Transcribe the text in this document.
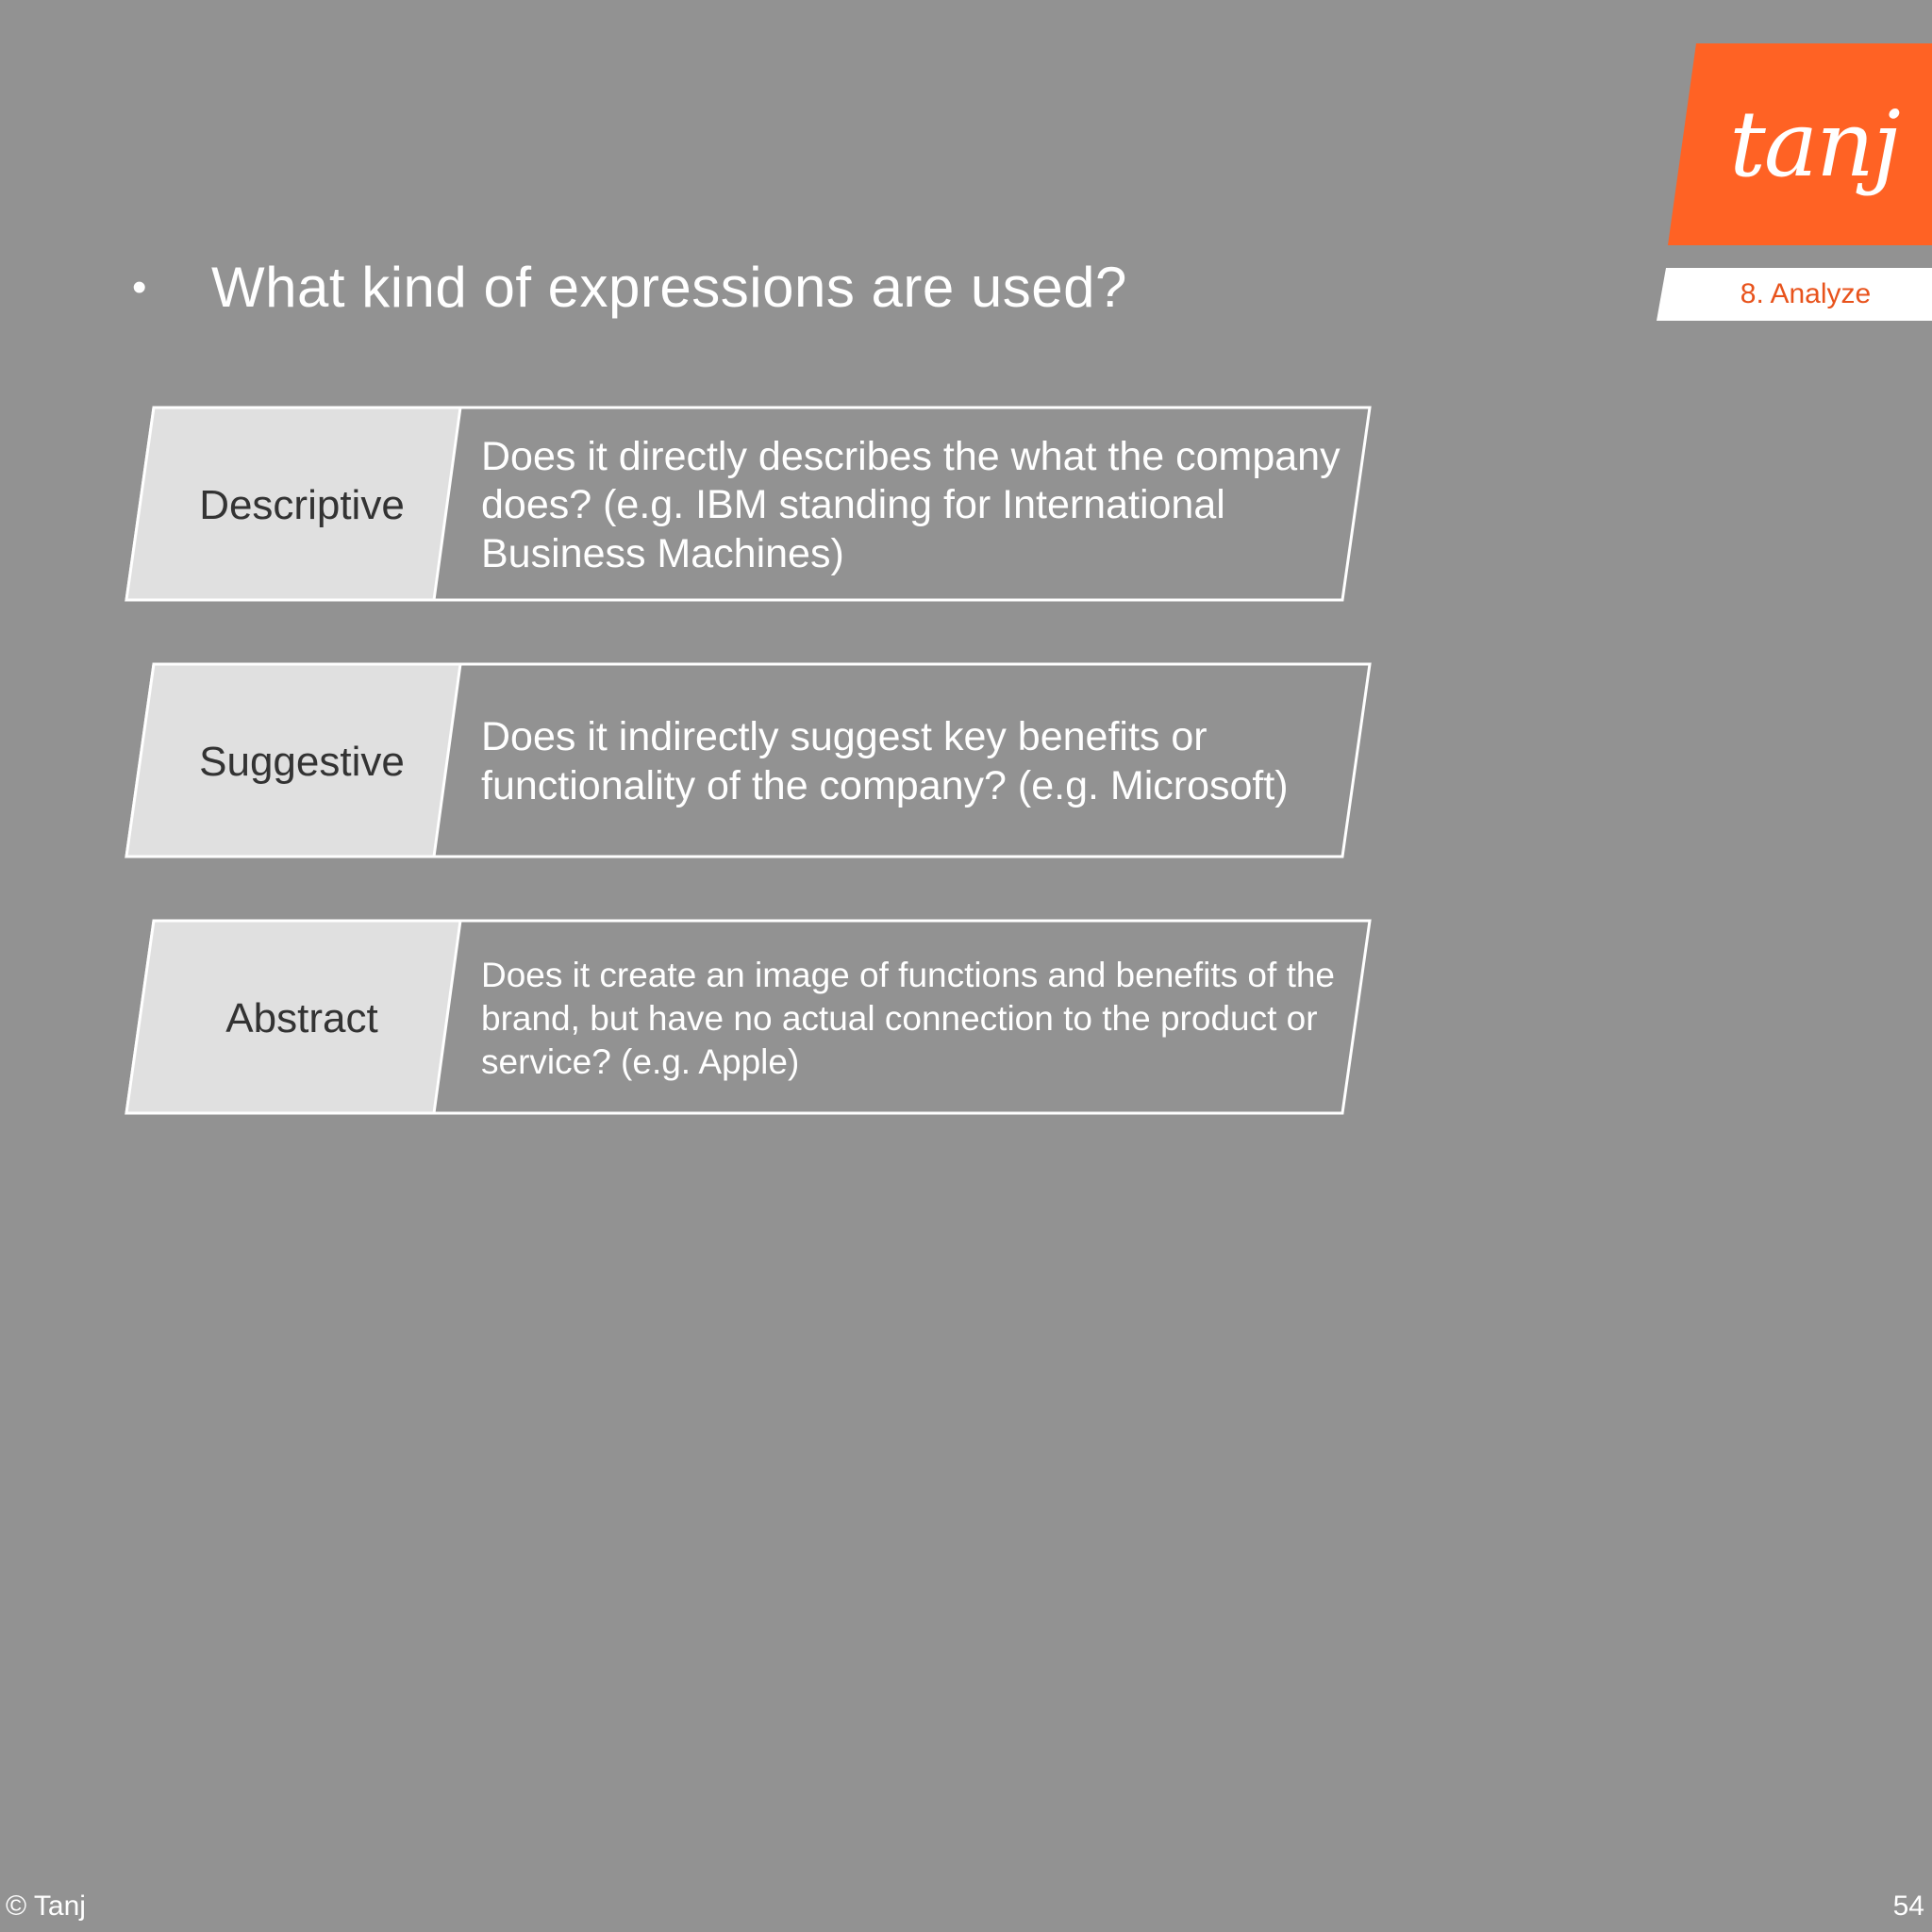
tanj
8. Analyze
•	What kind of expressions are used?
Descriptive
Does it directly describes the what the company does? (e.g. IBM standing for International Business Machines)
Suggestive
Does it indirectly suggest key benefits or functionality of the company? (e.g. Microsoft)
Abstract
Does it create an image of functions and benefits of the brand, but have no actual connection to the product or service? (e.g. Apple)
© Tanj	54
